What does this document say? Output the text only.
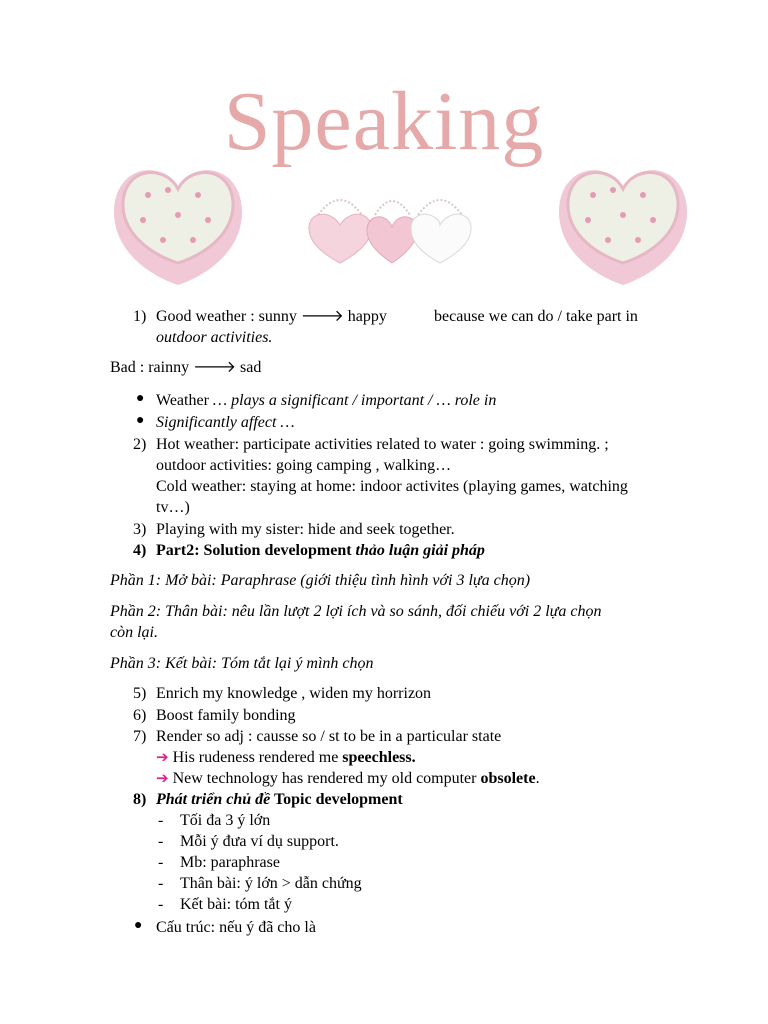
Speaking
1) Good weather : sunny 🡒 happy	because we can do / take part in
outdoor activities.
Bad : rainny 🡒 sad
● Weather … plays a significant / important / … role in
● Significantly affect …
2) Hot weather: participate activities related to water : going swimming. ;
outdoor activities: going camping , walking…
Cold weather: staying at home: indoor activites (playing games, watching
tv…)
3) Playing with my sister: hide and seek together.
4) Part2: Solution development thảo luận giải pháp
Phần 1: Mở bài: Paraphrase (giới thiệu tình hình với 3 lựa chọn)
Phần 2: Thân bài: nêu lần lượt 2 lợi ích và so sánh, đối chiếu với 2 lựa chọn
còn lại.
Phần 3: Kết bài: Tóm tắt lại ý mình chọn
5) Enrich my knowledge , widen my horrizon
6) Boost family bonding
7) Render so adj : causse so / st to be in a particular state
➔ His rudeness rendered me speechless.
➔ New technology has rendered my old computer obsolete.
8) Phát triển chủ đề Topic development
- Tối đa 3 ý lớn
- Mỗi ý đưa ví dụ support.
- Mb: paraphrase
- Thân bài: ý lớn > dẫn chứng
- Kết bài: tóm tắt ý
● Cấu trúc: nếu ý đã cho là
